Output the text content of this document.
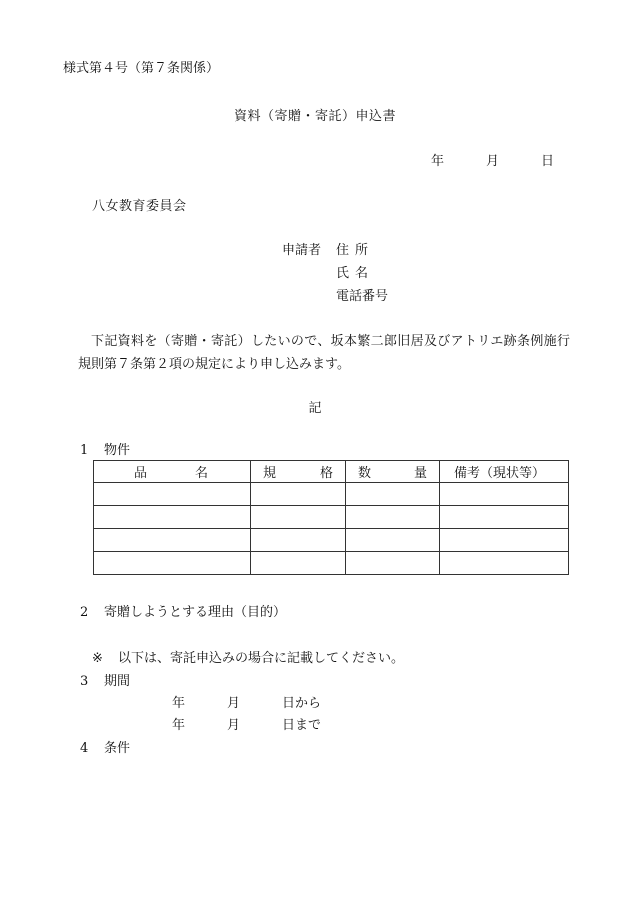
様式第４号（第７条関係）
資料（寄贈・寄託）申込書
年	月	日
八女教育委員会
申請者 住所
氏名
電話番号
下記資料を（寄贈・寄託）したいので、坂本繁二郎旧居及びアトリエ跡条例施行規則第７条第２項の規定により申し込みます。
記
1 物件
品 名	規 格	数 量	備考（現状等）

2 寄贈しようとする理由（目的）
※ 以下は、寄託申込みの場合に記載してください。
3 期間
年	月	日から
年	月	日まで
4 条件
